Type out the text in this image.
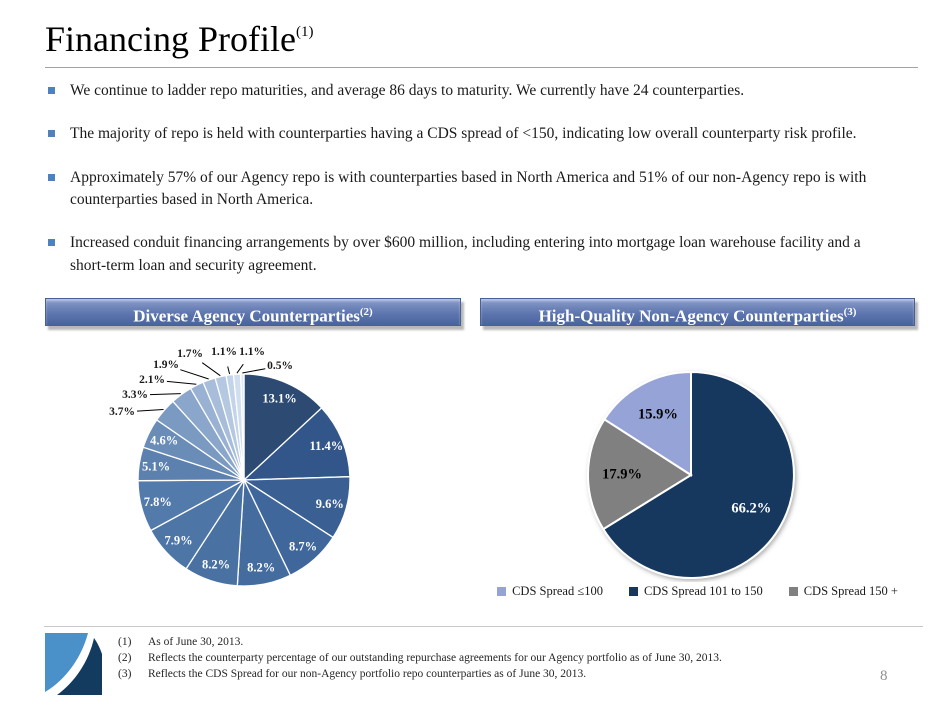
Financing Profile$^{(1)}$
We continue to ladder repo maturities, and average 86 days to maturity. We currently have 24 counterparties.
The majority of repo is held with counterparties having a CDS spread of <150, indicating low overall counterparty risk profile.
Approximately 57% of our Agency repo is with counterparties based in North America and 51% of our non-Agency repo is with counterparties based in North America.
Increased conduit financing arrangements by over $600 million, including entering into mortgage loan warehouse facility and a short-term loan and security agreement.
Diverse Agency Counterparties$^{(2)}$
13.1%
11.4%
9.6%
8.7%
8.2%
8.2%
7.9%
7.8%
5.1%
4.6%
3.7%
3.3%
2.1%
1.9%
1.7% 1.1% 1.1%
0.5%
High-Quality Non-Agency Counterparties$^{(3)}$
66.2%
17.9%
15.9%
CDS Spread ≤100	CDS Spread 101 to 150	CDS Spread 150 +
(1) As of June 30, 2013.
(2) Reflects the counterparty percentage of our outstanding repurchase agreements for our Agency portfolio as of June 30, 2013.
(3) Reflects the CDS Spread for our non-Agency portfolio repo counterparties as of June 30, 2013.	8
